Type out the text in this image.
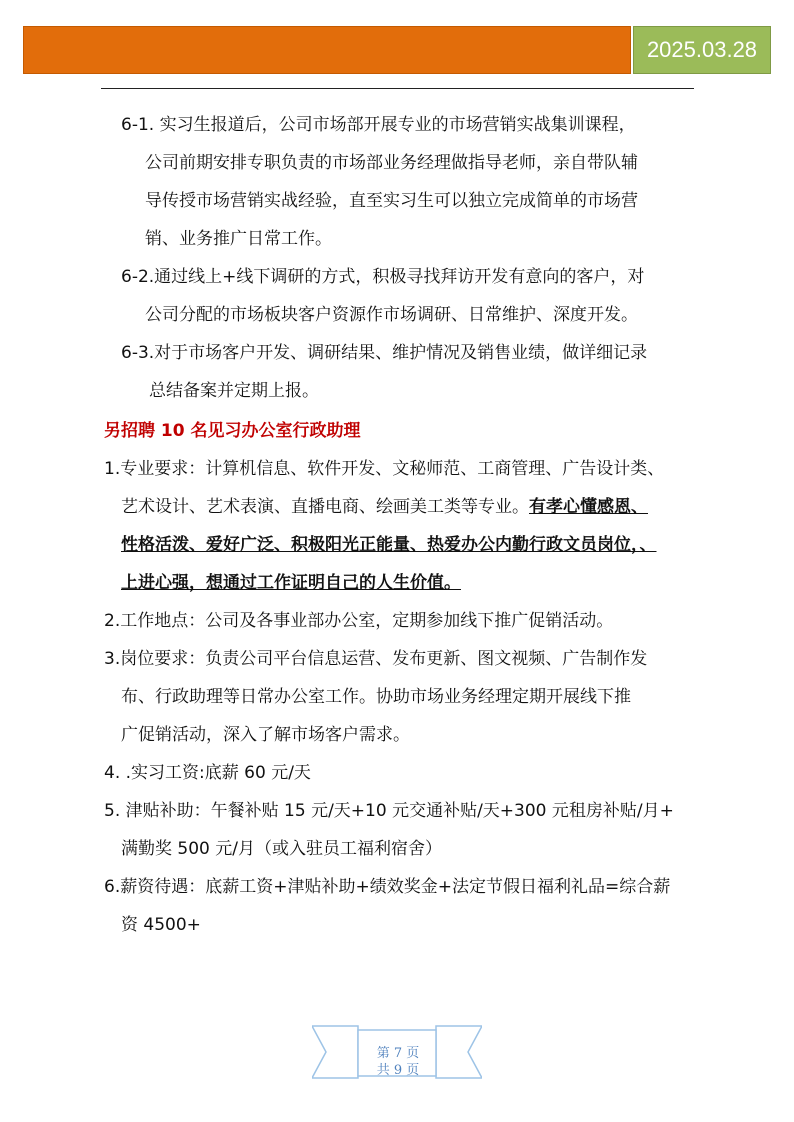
2025.03.28
6-1. 实习生报道后，公司市场部开展专业的市场营销实战集训课程，
公司前期安排专职负责的市场部业务经理做指导老师，亲自带队辅
导传授市场营销实战经验，直至实习生可以独立完成简单的市场营
销、业务推广日常工作。
6-2.通过线上+线下调研的方式，积极寻找拜访开发有意向的客户，对
公司分配的市场板块客户资源作市场调研、日常维护、深度开发。
6-3.对于市场客户开发、调研结果、维护情况及销售业绩，做详细记录
总结备案并定期上报。
另招聘 10 名见习办公室行政助理
1.专业要求：计算机信息、软件开发、文秘师范、工商管理、广告设计类、
艺术设计、艺术表演、直播电商、绘画美工类等专业。有孝心懂感恩、
性格活泼、爱好广泛、积极阳光正能量、热爱办公内勤行政文员岗位，、
上进心强，想通过工作证明自己的人生价值。
2.工作地点：公司及各事业部办公室，定期参加线下推广促销活动。
3.岗位要求：负责公司平台信息运营、发布更新、图文视频、广告制作发
布、行政助理等日常办公室工作。协助市场业务经理定期开展线下推
广促销活动，深入了解市场客户需求。
4. .实习工资:底薪 60 元/天
5. 津贴补助：午餐补贴 15 元/天+10 元交通补贴/天+300 元租房补贴/月+
满勤奖 500 元/月（或入驻员工福利宿舍）
6.薪资待遇：底薪工资+津贴补助+绩效奖金+法定节假日福利礼品=综合薪
资 4500+
第 7 页
共 9 页
